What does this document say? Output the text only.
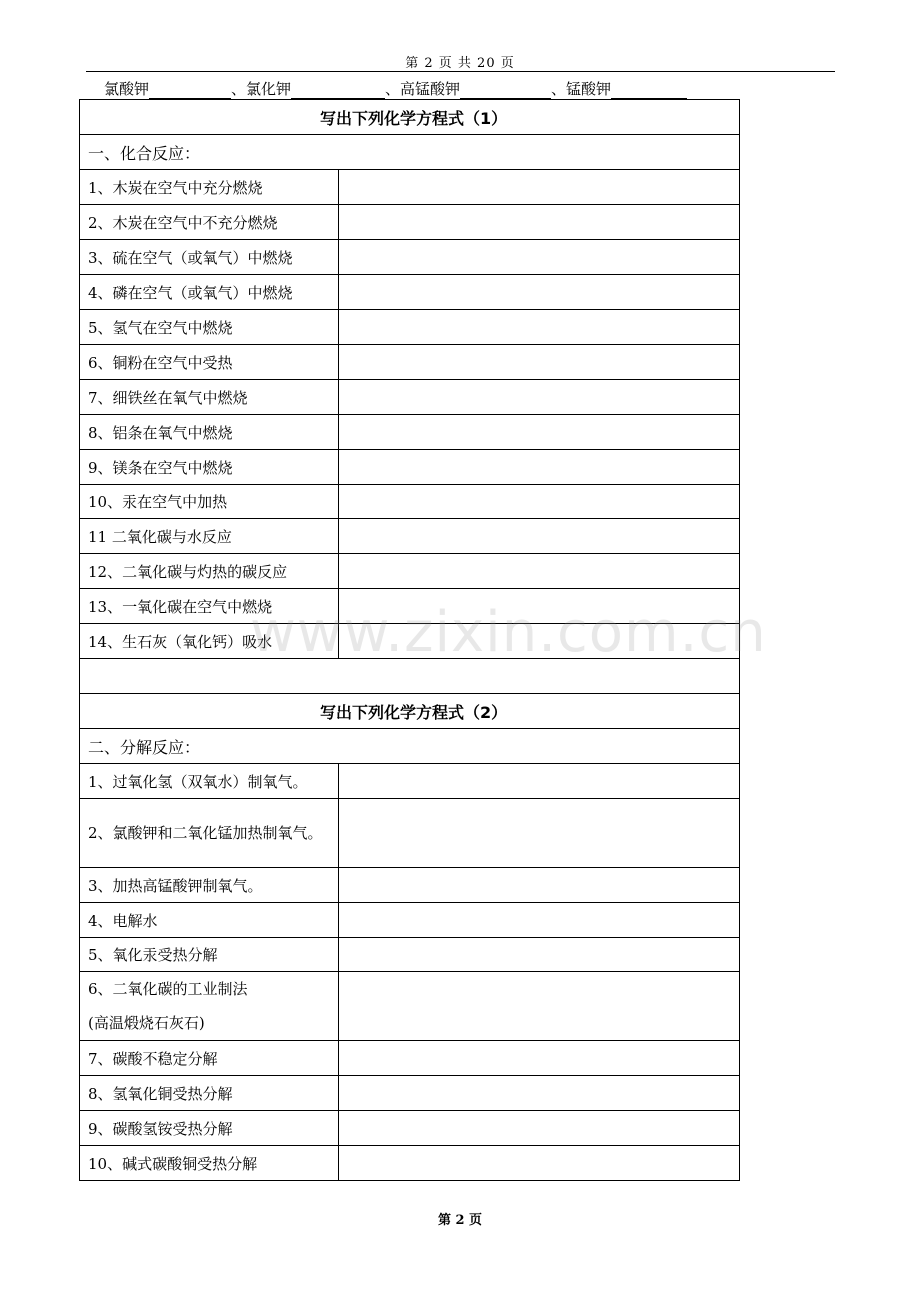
第 2 页 共 20 页
氯酸钾	、氯化钾	、高锰酸钾	、锰酸钾
写出下列化学方程式（1）	
一、化合反应：	
1、木炭在空气中充分燃烧	
2、木炭在空气中不充分燃烧	
3、硫在空气（或氧气）中燃烧	
4、磷在空气（或氧气）中燃烧	
5、氢气在空气中燃烧	
6、铜粉在空气中受热	
7、细铁丝在氧气中燃烧	
8、铝条在氧气中燃烧	
9、镁条在空气中燃烧	
10、汞在空气中加热	
11 二氧化碳与水反应	
12、二氧化碳与灼热的碳反应	
13、一氧化碳在空气中燃烧	
14、生石灰（氧化钙）吸水	

写出下列化学方程式（2）	
二、分解反应：	
1、过氧化氢（双氧水）制氧气。	
2、氯酸钾和二氧化锰加热制氧气。	
3、加热高锰酸钾制氧气。	
4、电解水	
5、氧化汞受热分解	

6、二氧化碳的工业制法
(高温煅烧石灰石)	

7、碳酸不稳定分解	
8、氢氧化铜受热分解	
9、碳酸氢铵受热分解	
10、碱式碳酸铜受热分解	
www.zixin.com.cn
第 2 页
